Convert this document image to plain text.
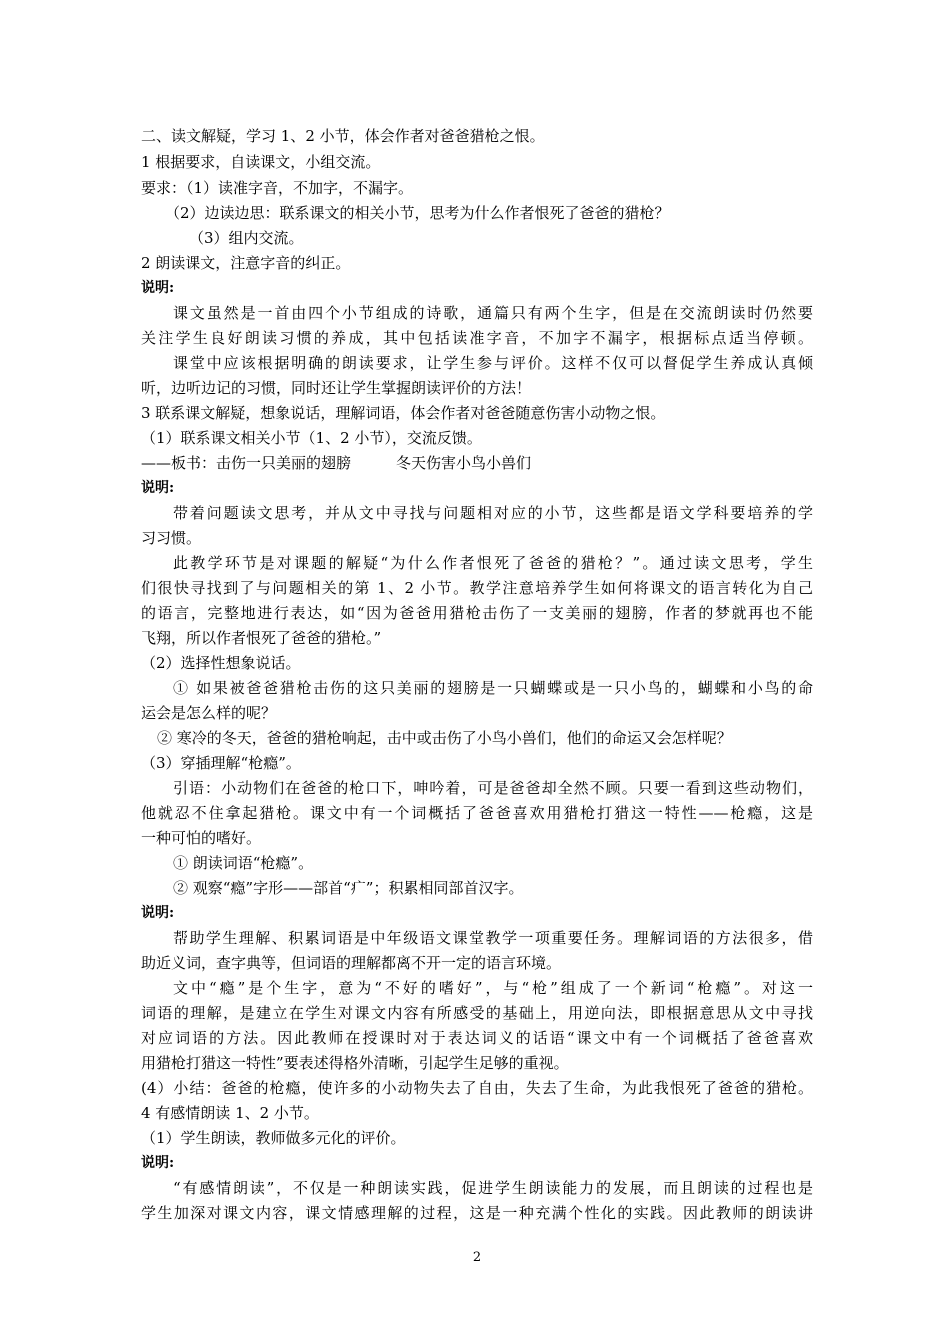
二、读文解疑，学习 1、2 小节，体会作者对爸爸猎枪之恨。
1 根据要求，自读课文，小组交流。
要求：（1）读准字音，不加字，不漏字。
（2）边读边思：联系课文的相关小节，思考为什么作者恨死了爸爸的猎枪？
（3）组内交流。
2 朗读课文，注意字音的纠正。
说明:
课文虽然是一首由四个小节组成的诗歌，通篇只有两个生字，但是在交流朗读时仍然要
关注学生良好朗读习惯的养成，其中包括读准字音，不加字不漏字，根据标点适当停顿。
课堂中应该根据明确的朗读要求，让学生参与评价。这样不仅可以督促学生养成认真倾
听，边听边记的习惯，同时还让学生掌握朗读评价的方法！
3 联系课文解疑，想象说话，理解词语，体会作者对爸爸随意伤害小动物之恨。
（1）联系课文相关小节（1、2 小节），交流反馈。
——板书：击伤一只美丽的翅膀　　　冬天伤害小鸟小兽们
说明:
带着问题读文思考，并从文中寻找与问题相对应的小节，这些都是语文学科要培养的学
习习惯。
此教学环节是对课题的解疑“为什么作者恨死了爸爸的猎枪？”。通过读文思考，学生
们很快寻找到了与问题相关的第 1、2 小节。教学注意培养学生如何将课文的语言转化为自己
的语言，完整地进行表达，如“因为爸爸用猎枪击伤了一支美丽的翅膀，作者的梦就再也不能
飞翔，所以作者恨死了爸爸的猎枪。”
（2）选择性想象说话。
① 如果被爸爸猎枪击伤的这只美丽的翅膀是一只蝴蝶或是一只小鸟的，蝴蝶和小鸟的命
运会是怎么样的呢？
② 寒冷的冬天，爸爸的猎枪响起，击中或击伤了小鸟小兽们，他们的命运又会怎样呢？
（3）穿插理解“枪瘾”。
引语：小动物们在爸爸的枪口下，呻吟着，可是爸爸却全然不顾。只要一看到这些动物们，
他就忍不住拿起猎枪。课文中有一个词概括了爸爸喜欢用猎枪打猎这一特性——枪瘾，这是
一种可怕的嗜好。
① 朗读词语“枪瘾”。
② 观察“瘾”字形——部首“疒”；积累相同部首汉字。
说明:
帮助学生理解、积累词语是中年级语文课堂教学一项重要任务。理解词语的方法很多，借
助近义词，查字典等，但词语的理解都离不开一定的语言环境。
文中“瘾”是个生字，意为“不好的嗜好”，与“枪”组成了一个新词“枪瘾”。对这一
词语的理解，是建立在学生对课文内容有所感受的基础上，用逆向法，即根据意思从文中寻找
对应词语的方法。因此教师在授课时对于表达词义的话语“课文中有一个词概括了爸爸喜欢
用猎枪打猎这一特性”要表述得格外清晰，引起学生足够的重视。
(4）小结：爸爸的枪瘾，使许多的小动物失去了自由，失去了生命，为此我恨死了爸爸的猎枪。
4 有感情朗读 1、2 小节。
（1）学生朗读，教师做多元化的评价。
说明:
“有感情朗读”，不仅是一种朗读实践，促进学生朗读能力的发展，而且朗读的过程也是
学生加深对课文内容，课文情感理解的过程，这是一种充满个性化的实践。因此教师的朗读讲
2
